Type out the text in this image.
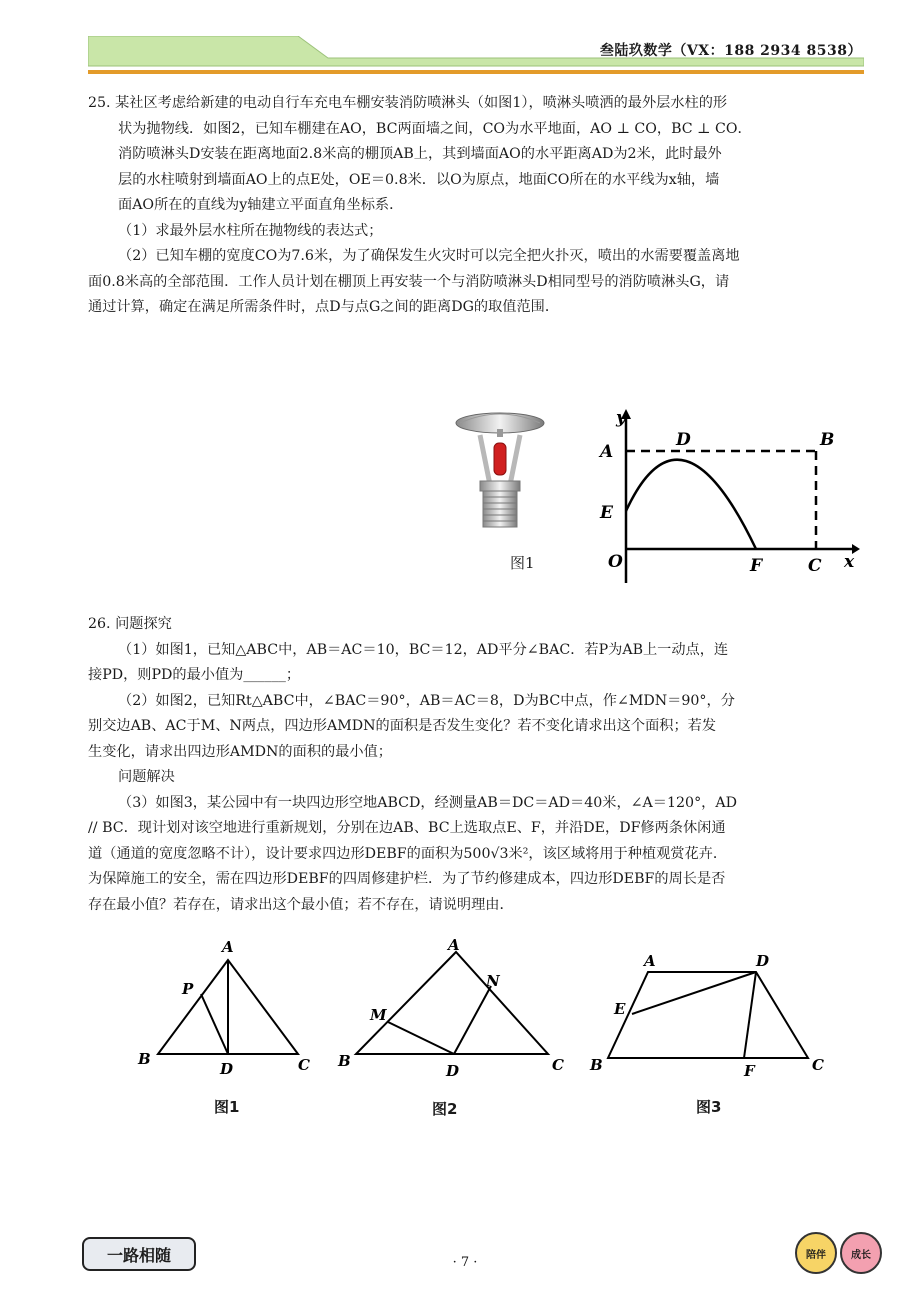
叁陆玖数学（VX：188 2934 8538）

25. 某社区考虑给新建的电动自行车充电车棚安装消防喷淋头（如图1），喷淋头喷洒的最外层水柱的形

状为抛物线．如图2，已知车棚建在AO，BC两面墙之间，CO为水平地面，AO ⊥ CO，BC ⊥ CO．

消防喷淋头D安装在距离地面2.8米高的棚顶AB上，其到墙面AO的水平距离AD为2米，此时最外

层的水柱喷射到墙面AO上的点E处，OE＝0.8米．以O为原点，地面CO所在的水平线为x轴，墙

面AO所在的直线为y轴建立平面直角坐标系．

（1）求最外层水柱所在抛物线的表达式；

（2）已知车棚的宽度CO为7.6米，为了确保发生火灾时可以完全把火扑灭，喷出的水需要覆盖离地

面0.8米高的全部范围．工作人员计划在棚顶上再安装一个与消防喷淋头D相同型号的消防喷淋头G，请

通过计算，确定在满足所需条件时，点D与点G之间的距离DG的取值范围．

图1
y
x
A
B
D
E
O	F	C

26. 问题探究

（1）如图1，已知△ABC中，AB＝AC＝10，BC＝12，AD平分∠BAC．若P为AB上一动点，连

接PD，则PD的最小值为______；

（2）如图2，已知Rt△ABC中，∠BAC＝90°，AB＝AC＝8，D为BC中点，作∠MDN＝90°，分

别交边AB、AC于M、N两点，四边形AMDN的面积是否发生变化？若不变化请求出这个面积；若发

生变化，请求出四边形AMDN的面积的最小值；

问题解决

（3）如图3，某公园中有一块四边形空地ABCD，经测量AB＝DC＝AD＝40米，∠A＝120°，AD

// BC．现计划对该空地进行重新规划，分别在边AB、BC上选取点E、F，并沿DE，DF修两条休闲通

道（通道的宽度忽略不计），设计要求四边形DEBF的面积为500√3米²，该区域将用于种植观赏花卉．

为保障施工的安全，需在四边形DEBF的四周修建护栏．为了节约修建成本，四边形DEBF的周长是否

存在最小值？若存在，请求出这个最小值；若不存在，请说明理由．

A
P
B
D	C
A
N
M
B
D	C
A	D
E
B	F	C
图1	图2	图3
一路相随	· 7 ·	陪伴	成长
